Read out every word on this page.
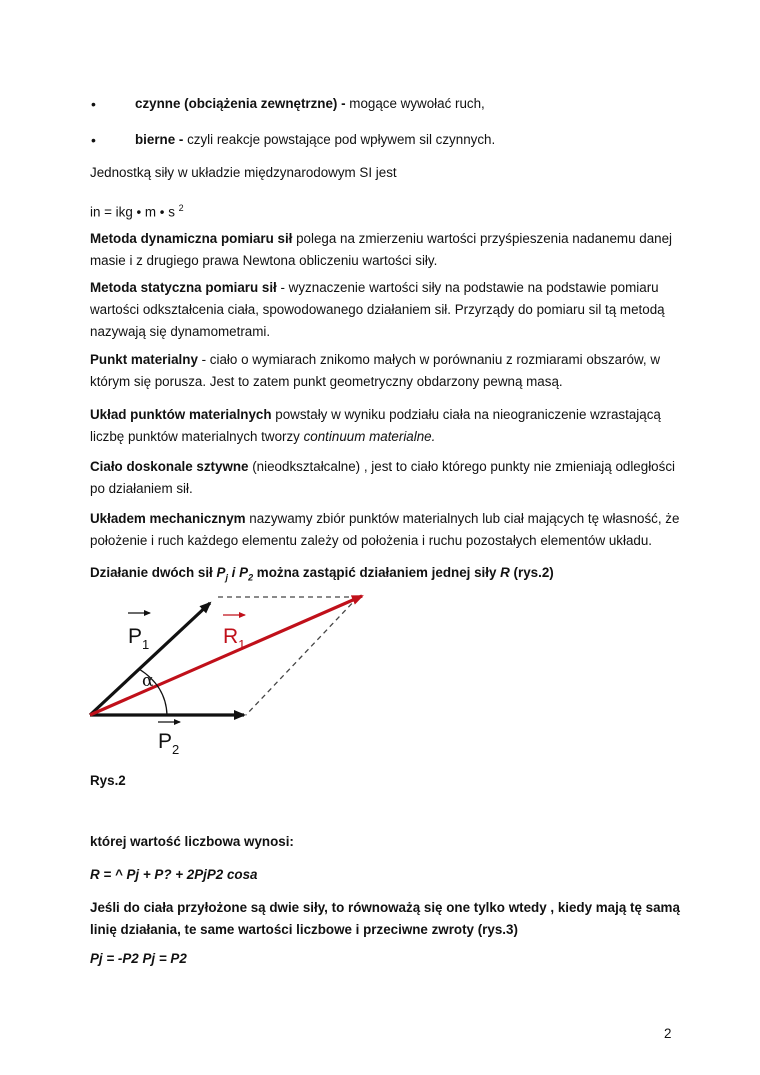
•	czynne (obciążenia zewnętrzne) - mogące wywołać ruch,
•	bierne - czyli reakcje powstające pod wpływem sil czynnych.
Jednostką siły w układzie międzynarodowym SI jest
in = ikg • m • s $^2$
Metoda dynamiczna pomiaru sił polega na zmierzeniu wartości przyśpieszenia nadanemu danej masie i z drugiego prawa Newtona obliczeniu wartości siły.
Metoda statyczna pomiaru sił - wyznaczenie wartości siły na podstawie na podstawie pomiaru wartości odkształcenia ciała, spowodowanego działaniem sił. Przyrządy do pomiaru sil tą metodą nazywają się dynamometrami.
Punkt materialny - ciało o wymiarach znikomo małych w porównaniu z rozmiarami obszarów, w którym się porusza. Jest to zatem punkt geometryczny obdarzony pewną masą.
Układ punktów materialnych powstały w wyniku podziału ciała na nieograniczenie wzrastającą liczbę punktów materialnych tworzy continuum materialne.
Ciało doskonale sztywne (nieodkształcalne) , jest to ciało którego punkty nie zmieniają odległości po działaniem sił.
Układem mechanicznym nazywamy zbiór punktów materialnych lub ciał mających tę własność, że położenie i ruch każdego elementu zależy od położenia i ruchu pozostałych elementów układu.
Działanie dwóch sił $P_j$ i $P_2$ można zastąpić działaniem jednej siły R (rys.2)
α
$P_1$	$R_1$
$P_2$
Rys.2
której wartość liczbowa wynosi:
R = ^ Pj + P? + 2PjP2 cosa
Jeśli do ciała przyłożone są dwie siły, to równoważą się one tylko wtedy , kiedy mają tę samą linię działania, te same wartości liczbowe i przeciwne zwroty (rys.3)
Pj = -P2 Pj = P2
2
